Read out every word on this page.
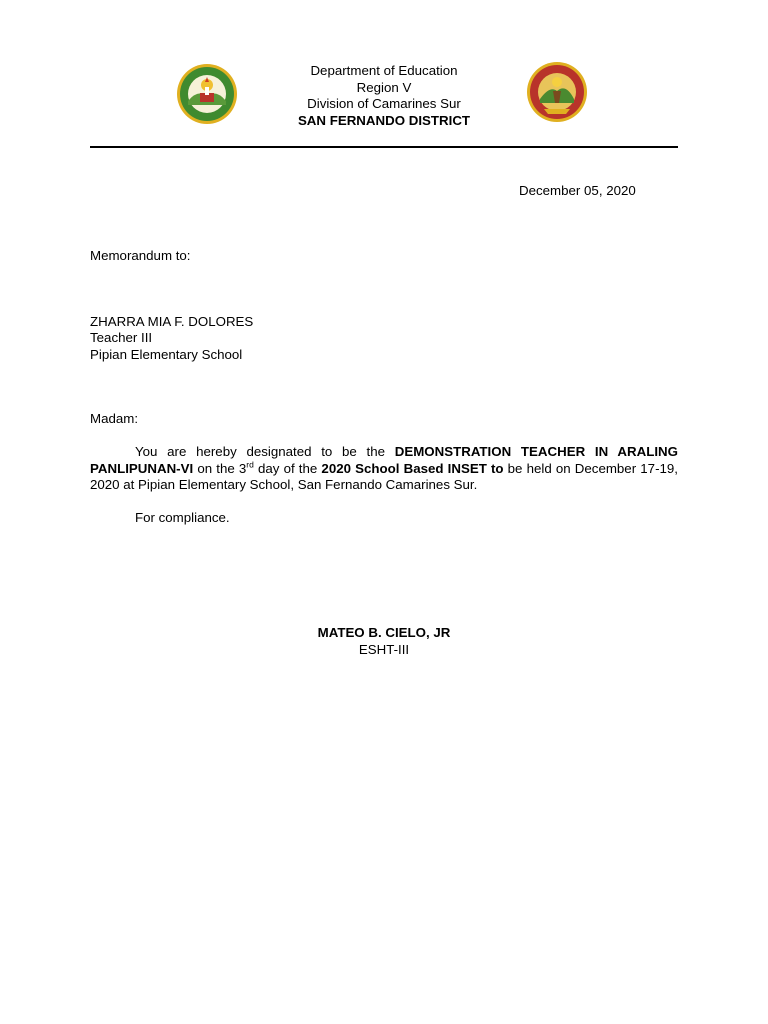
Department of Education
Region V
Division of Camarines Sur
SAN FERNANDO DISTRICT
December 05, 2020
Memorandum to:
ZHARRA MIA F. DOLORES
Teacher III
Pipian Elementary School
Madam:
You are hereby designated to be the DEMONSTRATION TEACHER IN ARALING PANLIPUNAN-VI on the 3rd day of the 2020 School Based INSET to be held on December 17-19, 2020 at Pipian Elementary School, San Fernando Camarines Sur.
For compliance.
MATEO B. CIELO, JR
ESHT-III
